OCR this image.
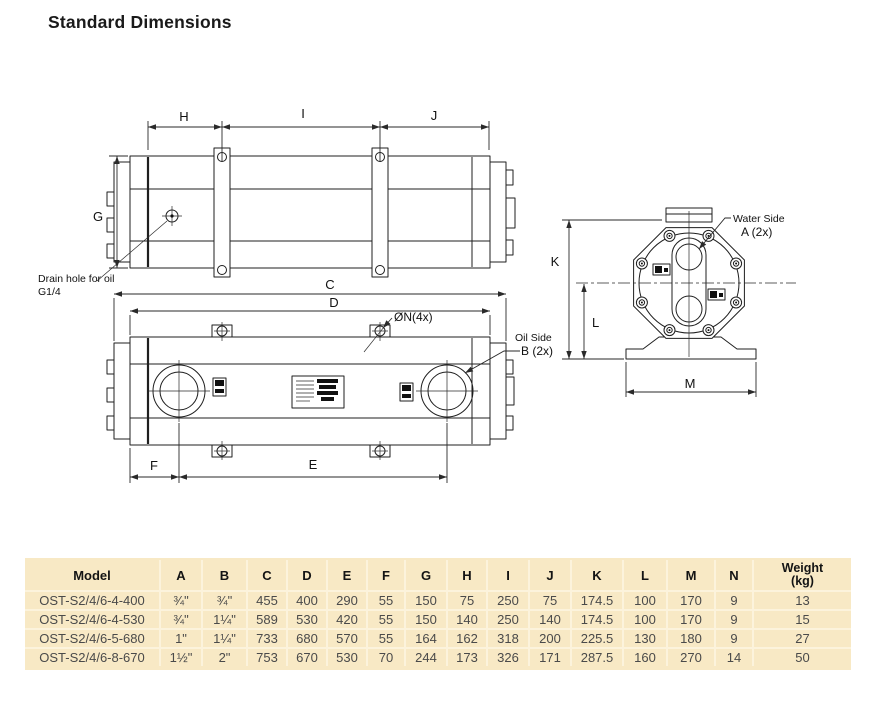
Standard Dimensions
Drain hole for oil
G1/4
H	I	J
G
C
D
ØN(4x)
Oil Side
B (2x)
F	E
K
L
M
Water Side
A (2x)
Model	A	B	C	D	E	F	G	H	I	J	K	L	M	N	Weight
(kg)

OST-S2/4/6-4-400	¾"	¾"	455	400	290	55	150	75	250	75	174.5	100	170	9	13
OST-S2/4/6-4-530	¾"	1¼"	589	530	420	55	150	140	250	140	174.5	100	170	9	15
OST-S2/4/6-5-680	1"	1¼"	733	680	570	55	164	162	318	200	225.5	130	180	9	27
OST-S2/4/6-8-670	1½"	2"	753	670	530	70	244	173	326	171	287.5	160	270	14	50
